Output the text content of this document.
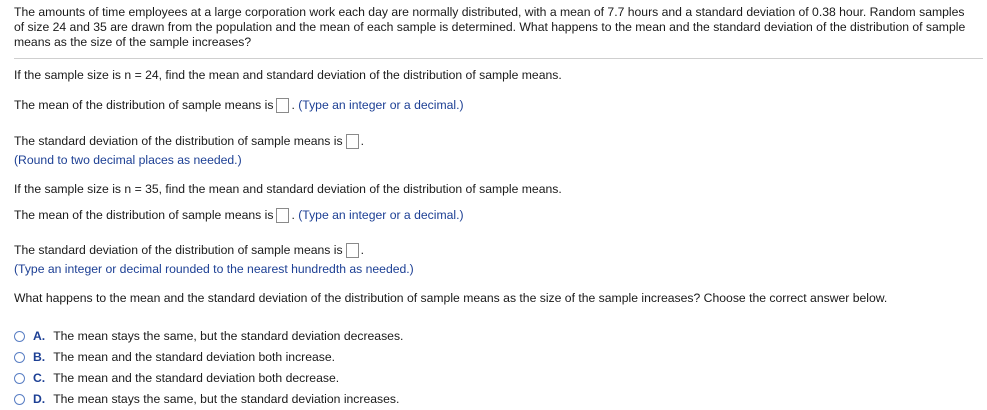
The amounts of time employees at a large corporation work each day are normally distributed, with a mean of 7.7 hours and a standard deviation of 0.38 hour. Random samples of size 24 and 35 are drawn from the population and the mean of each sample is determined. What happens to the mean and the standard deviation of the distribution of sample means as the size of the sample increases?
If the sample size is n = 24, find the mean and standard deviation of the distribution of sample means.
The mean of the distribution of sample means is . (Type an integer or a decimal.)
The standard deviation of the distribution of sample means is .
(Round to two decimal places as needed.)
If the sample size is n = 35, find the mean and standard deviation of the distribution of sample means.
The mean of the distribution of sample means is . (Type an integer or a decimal.)
The standard deviation of the distribution of sample means is .
(Type an integer or decimal rounded to the nearest hundredth as needed.)
What happens to the mean and the standard deviation of the distribution of sample means as the size of the sample increases? Choose the correct answer below.
A. The mean stays the same, but the standard deviation decreases.
B. The mean and the standard deviation both increase.
C. The mean and the standard deviation both decrease.
D. The mean stays the same, but the standard deviation increases.
